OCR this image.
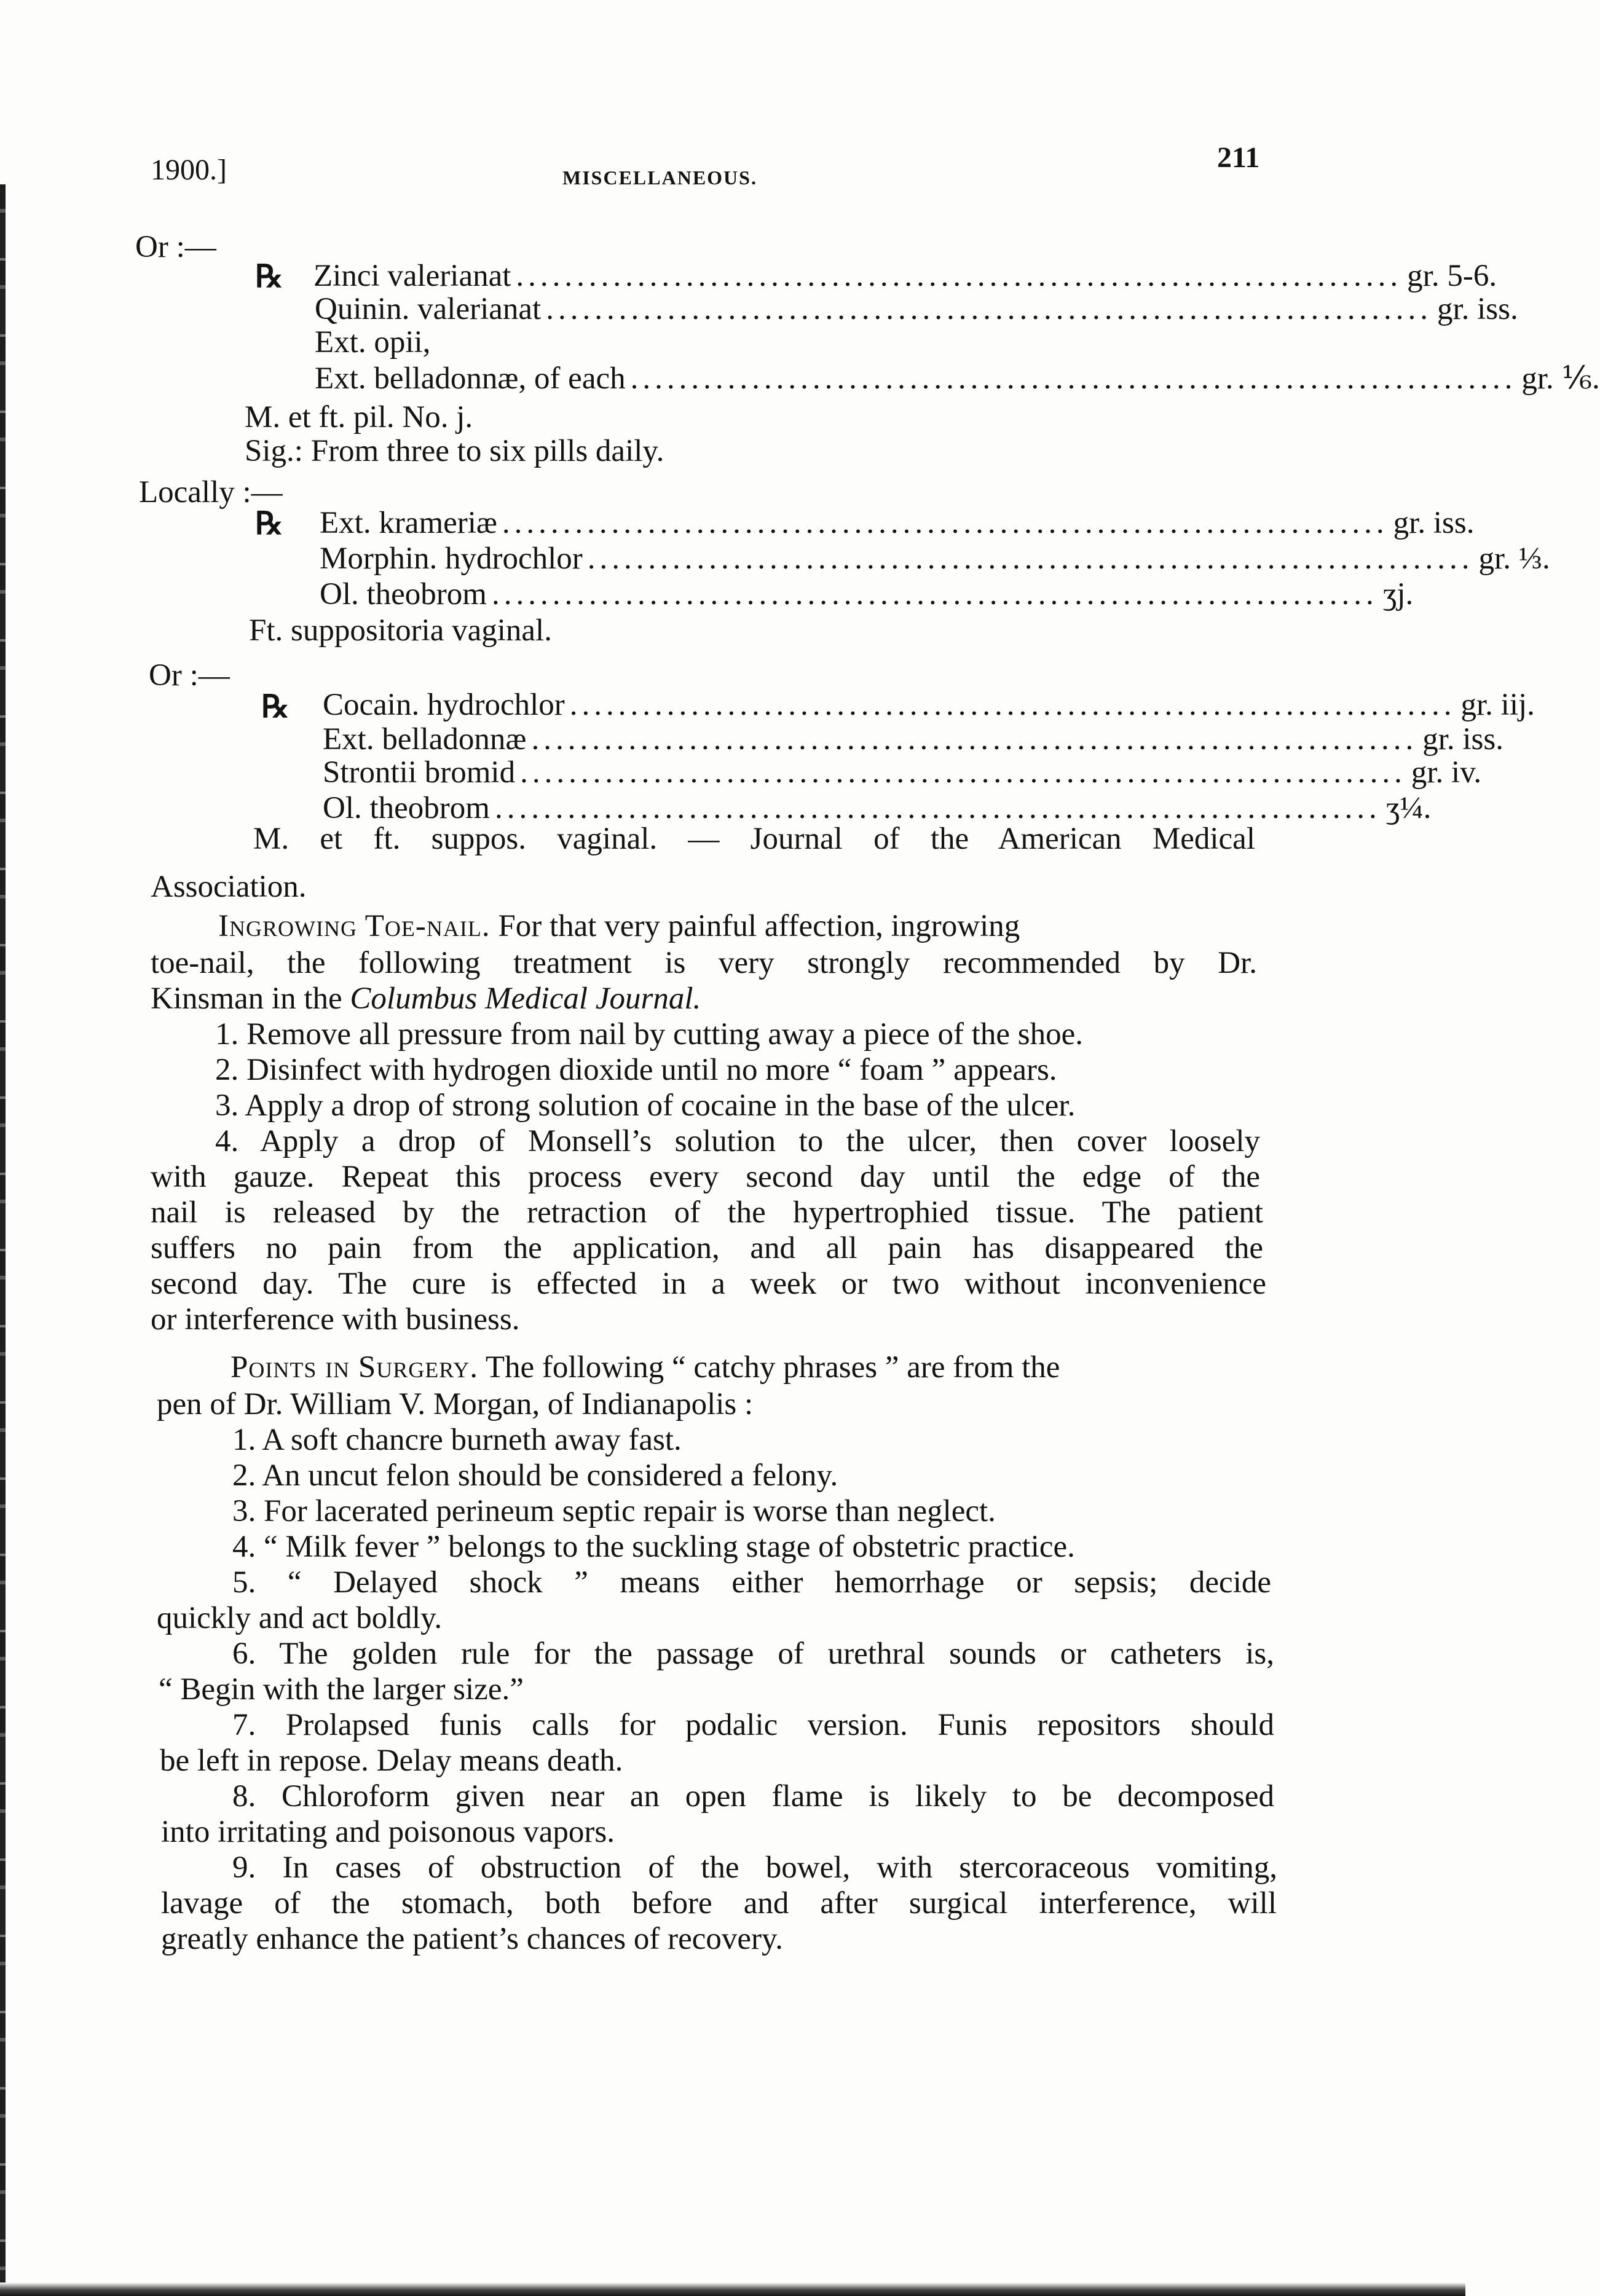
1900.]	MISCELLANEOUS.
211
Or :—
℞ Zinci valerianat ......................................................................... gr. 5-6.
Quinin. valerianat ......................................................................... gr. iss.
Ext. opii,
Ext. belladonnæ, of each ......................................................................... gr. ⅙.
M. et ft. pil. No. j.
Sig.: From three to six pills daily.
Locally :—
℞ Ext. krameriæ ......................................................................... gr. iss.
Morphin. hydrochlor ......................................................................... gr. ⅓.
Ol. theobrom ......................................................................... ʒj.
Ft. suppositoria vaginal.
Or :—
℞ Cocain. hydrochlor ......................................................................... gr. iij.
Ext. belladonnæ ......................................................................... gr. iss.
Strontii bromid ......................................................................... gr. iv.
Ol. theobrom ......................................................................... ʒ¼.
M. et ft. suppos. vaginal. — Journal of the American Medical
Association.
Ingrowing Toe-nail. For that very painful affection, ingrowing
toe-nail, the following treatment is very strongly recommended by Dr.
Kinsman in the Columbus Medical Journal.
1. Remove all pressure from nail by cutting away a piece of the shoe.
2. Disinfect with hydrogen dioxide until no more “ foam ” appears.
3. Apply a drop of strong solution of cocaine in the base of the ulcer.
4. Apply a drop of Monsell’s solution to the ulcer, then cover loosely
with gauze. Repeat this process every second day until the edge of the
nail is released by the retraction of the hypertrophied tissue. The patient
suffers no pain from the application, and all pain has disappeared the
second day. The cure is effected in a week or two without inconvenience
or interference with business.
Points in Surgery. The following “ catchy phrases ” are from the
pen of Dr. William V. Morgan, of Indianapolis :
1. A soft chancre burneth away fast.
2. An uncut felon should be considered a felony.
3. For lacerated perineum septic repair is worse than neglect.
4. “ Milk fever ” belongs to the suckling stage of obstetric practice.
5. “ Delayed shock ” means either hemorrhage or sepsis; decide
quickly and act boldly.
6. The golden rule for the passage of urethral sounds or catheters is,
“ Begin with the larger size.”
7. Prolapsed funis calls for podalic version. Funis repositors should
be left in repose. Delay means death.
8. Chloroform given near an open flame is likely to be decomposed
into irritating and poisonous vapors.
9. In cases of obstruction of the bowel, with stercoraceous vomiting,
lavage of the stomach, both before and after surgical interference, will
greatly enhance the patient’s chances of recovery.
